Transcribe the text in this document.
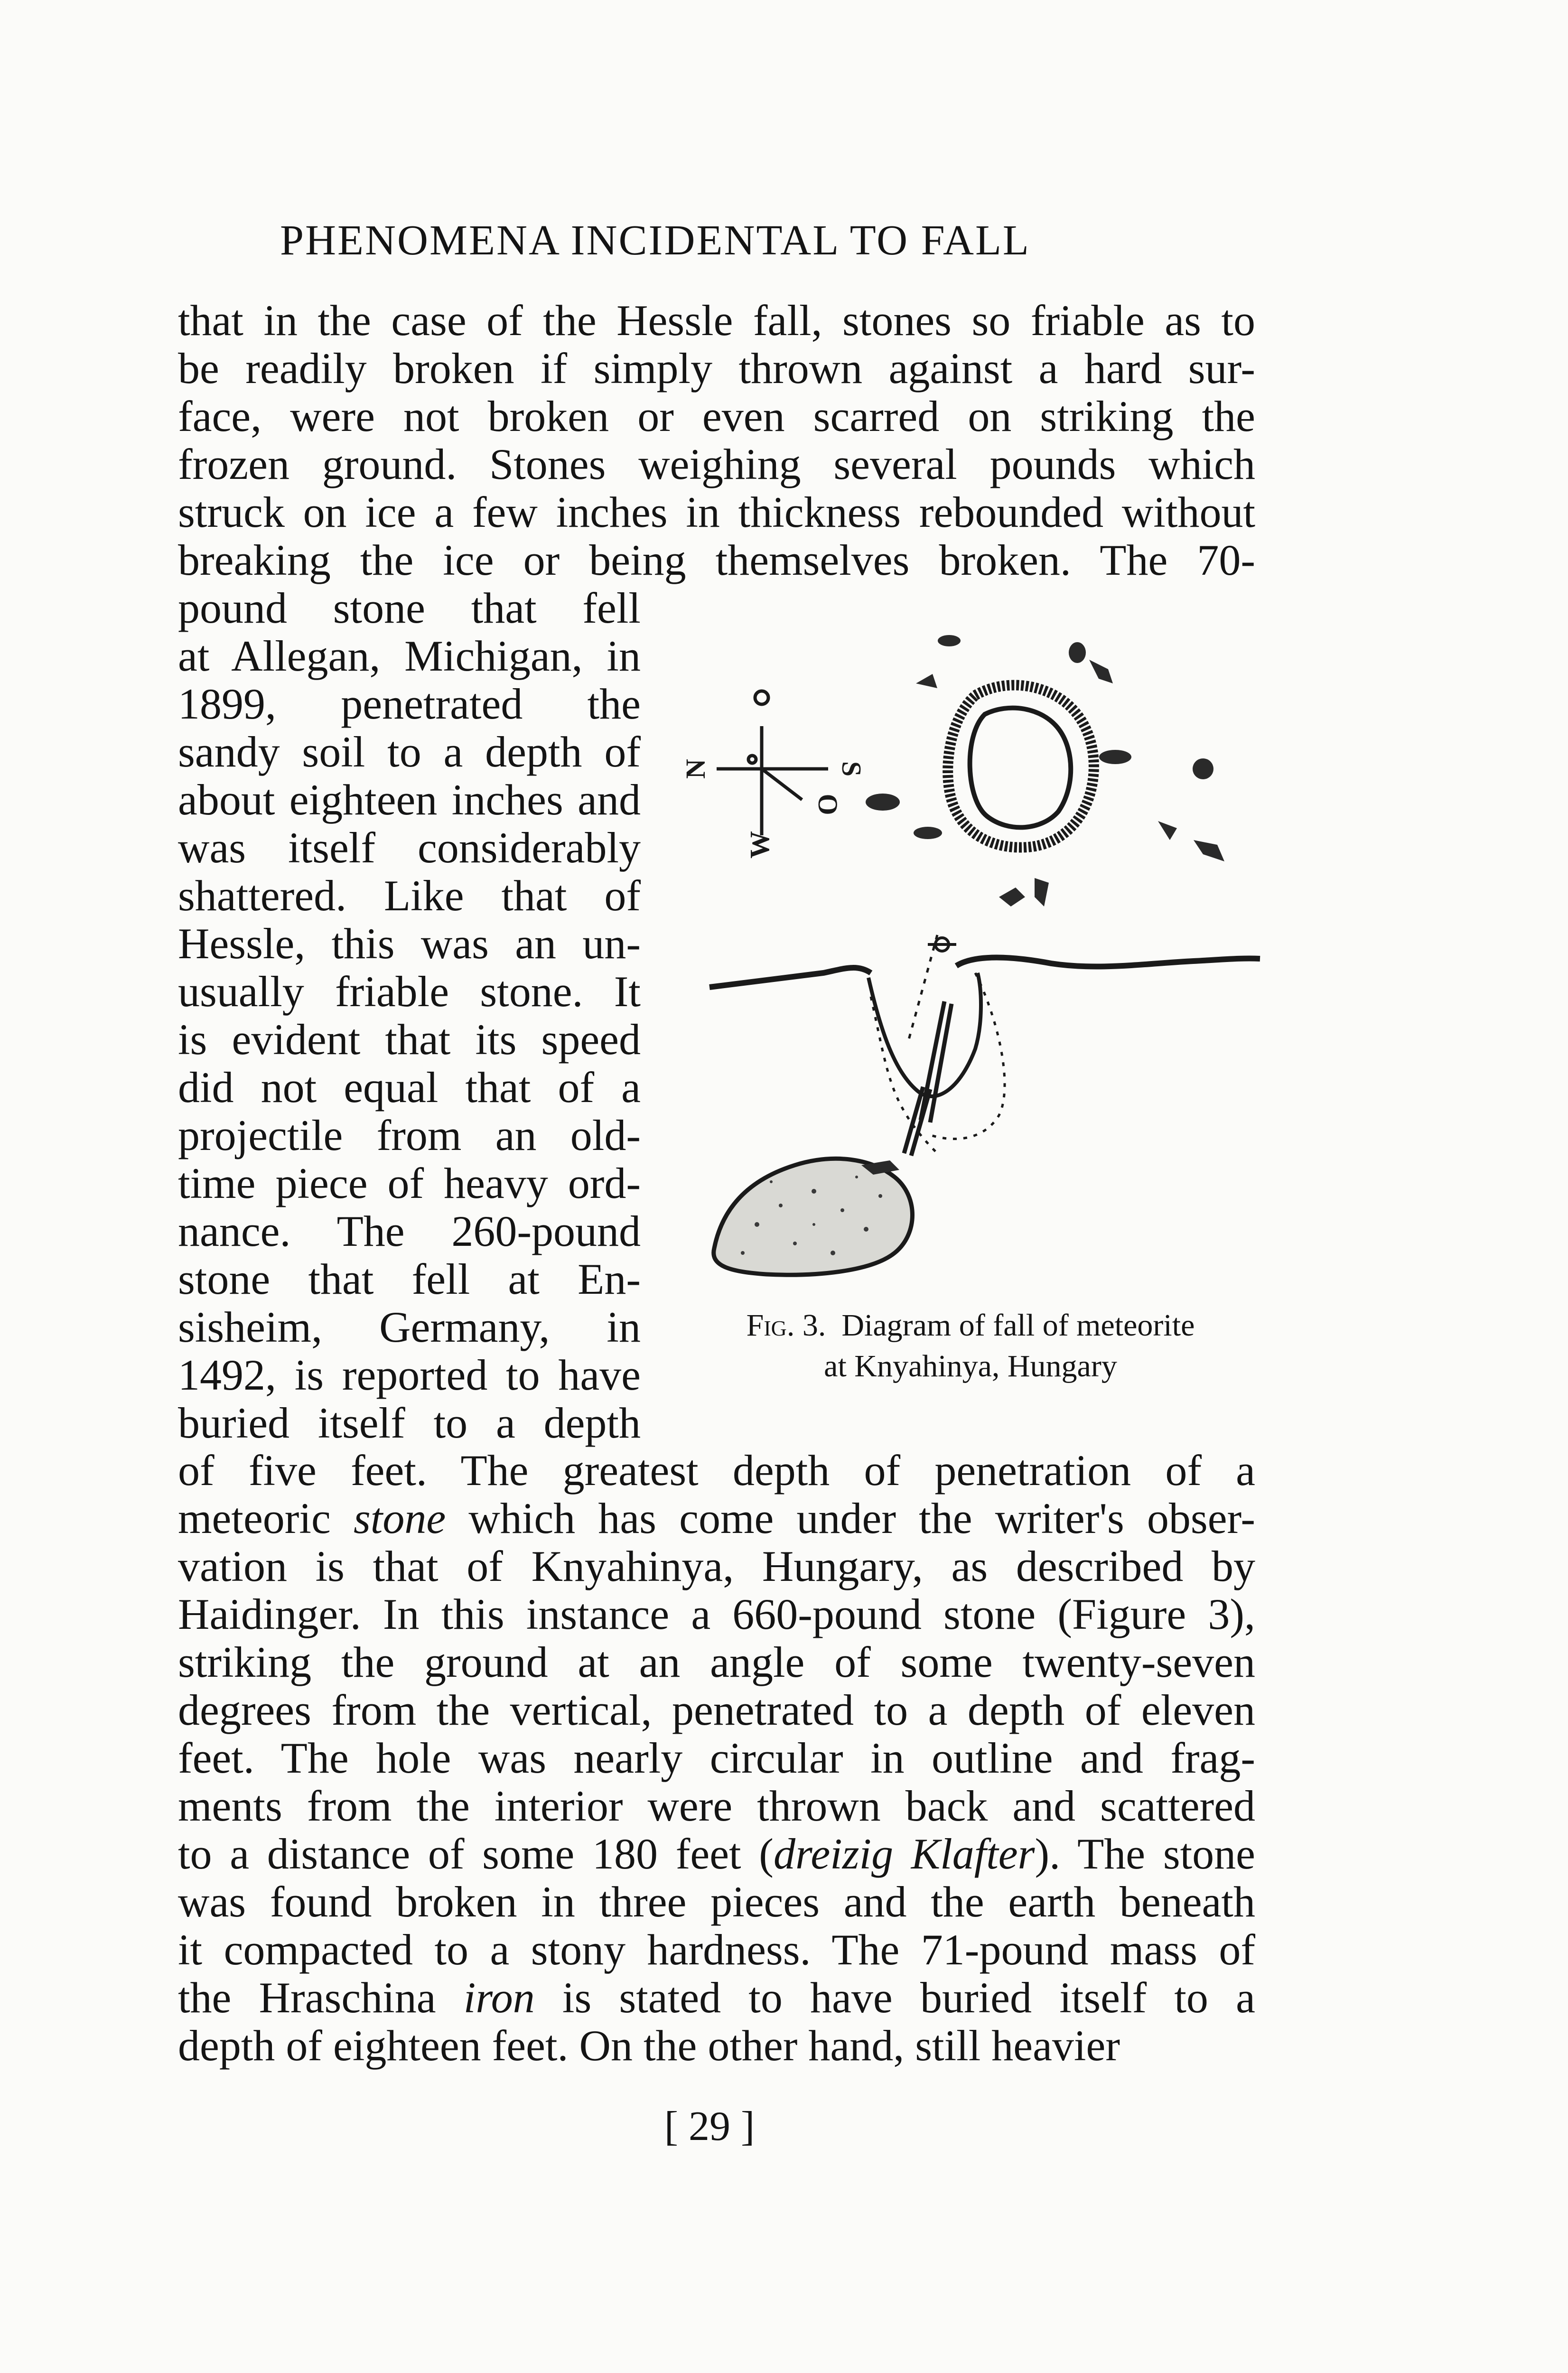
PHENOMENA INCIDENTAL TO FALL
that in the case of the Hessle fall, stones so friable as to
be readily broken if simply thrown against a hard sur-
face, were not broken or even scarred on striking the
frozen ground. Stones weighing several pounds which
struck on ice a few inches in thickness rebounded without
breaking the ice or being themselves broken. The 70-
pound stone that fell
at Allegan, Michigan, in
1899, penetrated the
sandy soil to a depth of
about eighteen inches and
was itself considerably
shattered. Like that of
Hessle, this was an un-
usually friable stone. It
is evident that its speed
did not equal that of a
projectile from an old-
time piece of heavy ord-
nance. The 260-pound
stone that fell at En-
sisheim, Germany, in
1492, is reported to have
buried itself to a depth
of five feet. The greatest depth of penetration of a
meteoric stone which has come under the writer's obser-
vation is that of Knyahinya, Hungary, as described by
Haidinger. In this instance a 660-pound stone (Figure 3),
striking the ground at an angle of some twenty-seven
degrees from the vertical, penetrated to a depth of eleven
feet. The hole was nearly circular in outline and frag-
ments from the interior were thrown back and scattered
to a distance of some 180 feet (dreizig Klafter). The stone
was found broken in three pieces and the earth beneath
it compacted to a stony hardness. The 71-pound mass of
the Hraschina iron is stated to have buried itself to a
depth of eighteen feet. On the other hand, still heavier
N	S
W
O
Fig. 3. Diagram of fall of meteorite
at Knyahinya, Hungary
[ 29 ]
